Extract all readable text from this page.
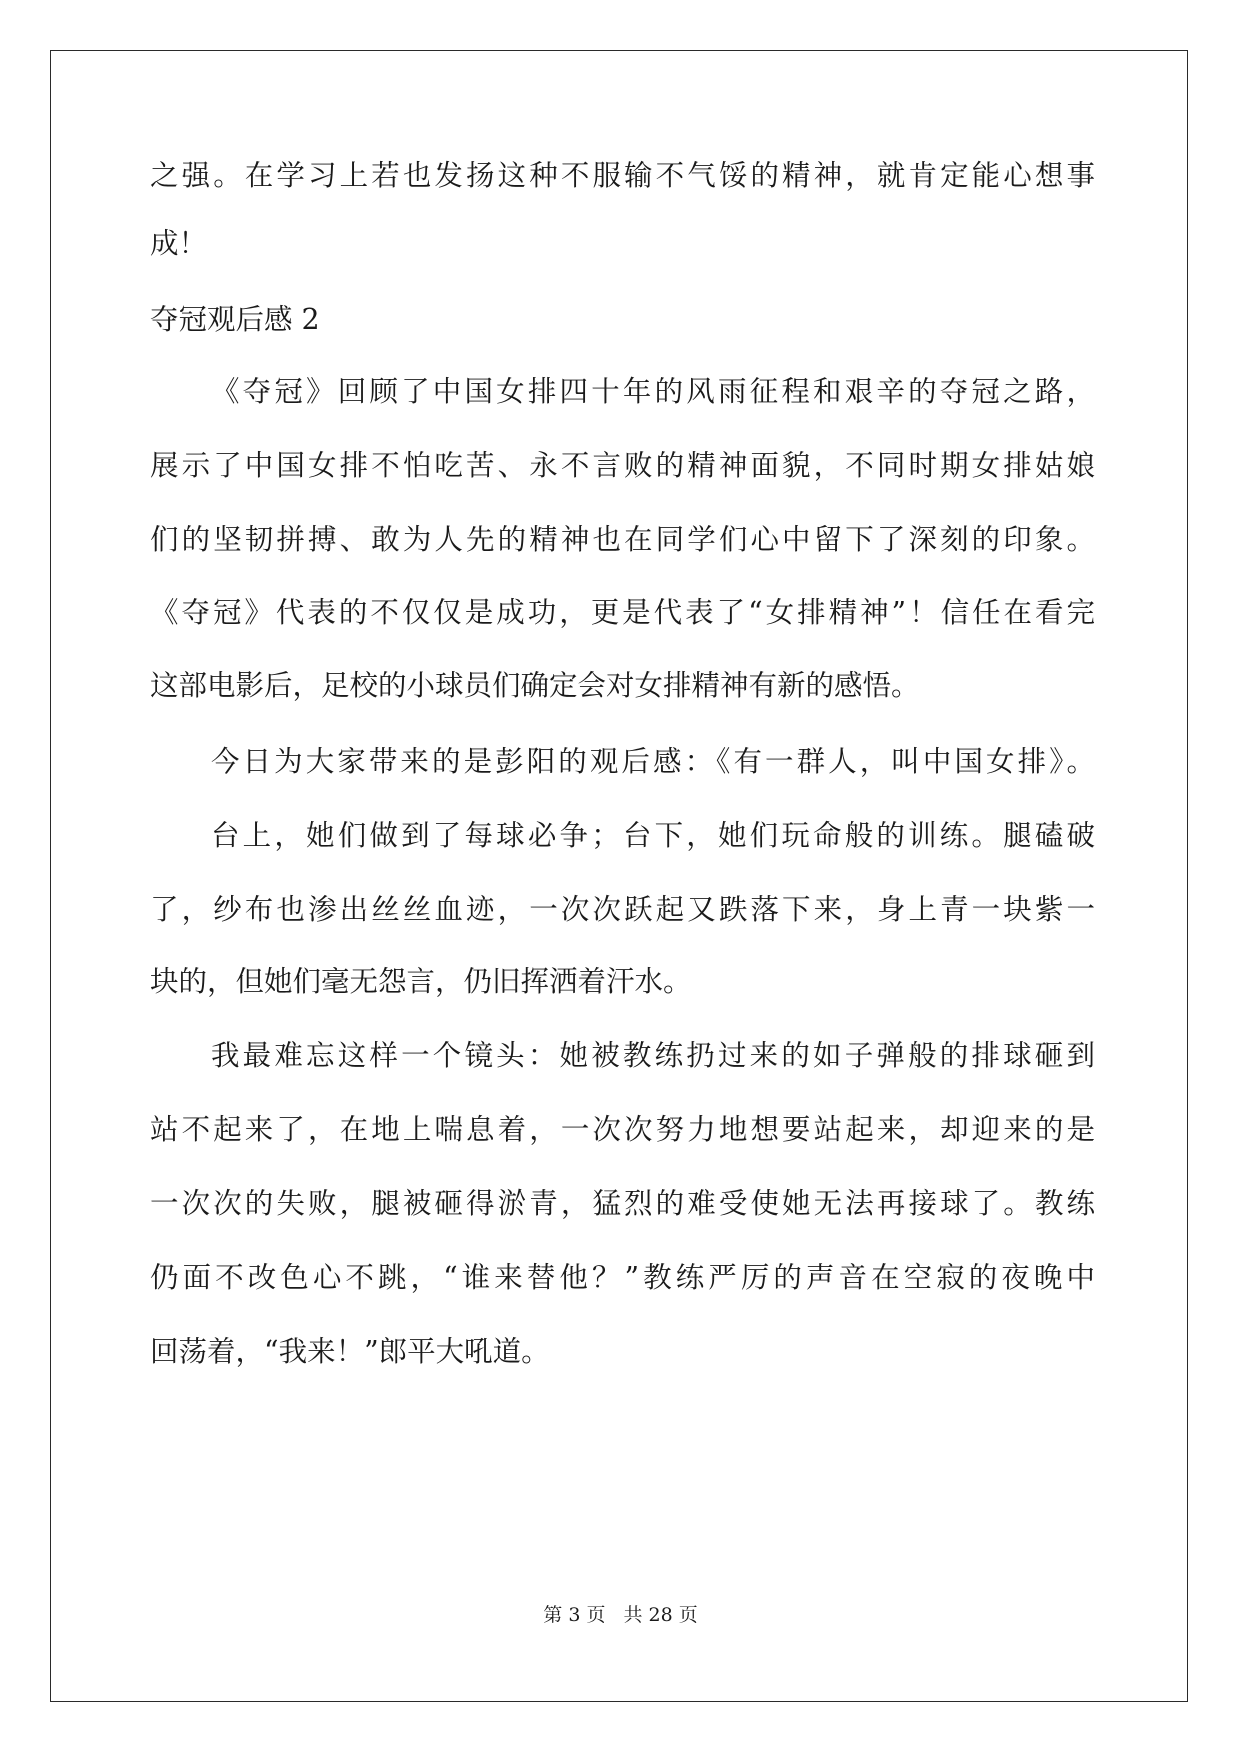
之强。在学习上若也发扬这种不服输不气馁的精神，就肯定能心想事
成！
夺冠观后感 2
《夺冠》回顾了中国女排四十年的风雨征程和艰辛的夺冠之路，
展示了中国女排不怕吃苦、永不言败的精神面貌，不同时期女排姑娘
们的坚韧拼搏、敢为人先的精神也在同学们心中留下了深刻的印象。
《夺冠》代表的不仅仅是成功，更是代表了“女排精神”！信任在看完
这部电影后，足校的小球员们确定会对女排精神有新的感悟。
今日为大家带来的是彭阳的观后感：《有一群人，叫中国女排》。
台上，她们做到了每球必争；台下，她们玩命般的训练。腿磕破
了，纱布也渗出丝丝血迹，一次次跃起又跌落下来，身上青一块紫一
块的，但她们毫无怨言，仍旧挥洒着汗水。
我最难忘这样一个镜头：她被教练扔过来的如子弹般的排球砸到
站不起来了，在地上喘息着，一次次努力地想要站起来，却迎来的是
一次次的失败，腿被砸得淤青，猛烈的难受使她无法再接球了。教练
仍面不改色心不跳，“谁来替他？”教练严厉的声音在空寂的夜晚中
回荡着，“我来！”郎平大吼道。
第 3 页 共 28 页
